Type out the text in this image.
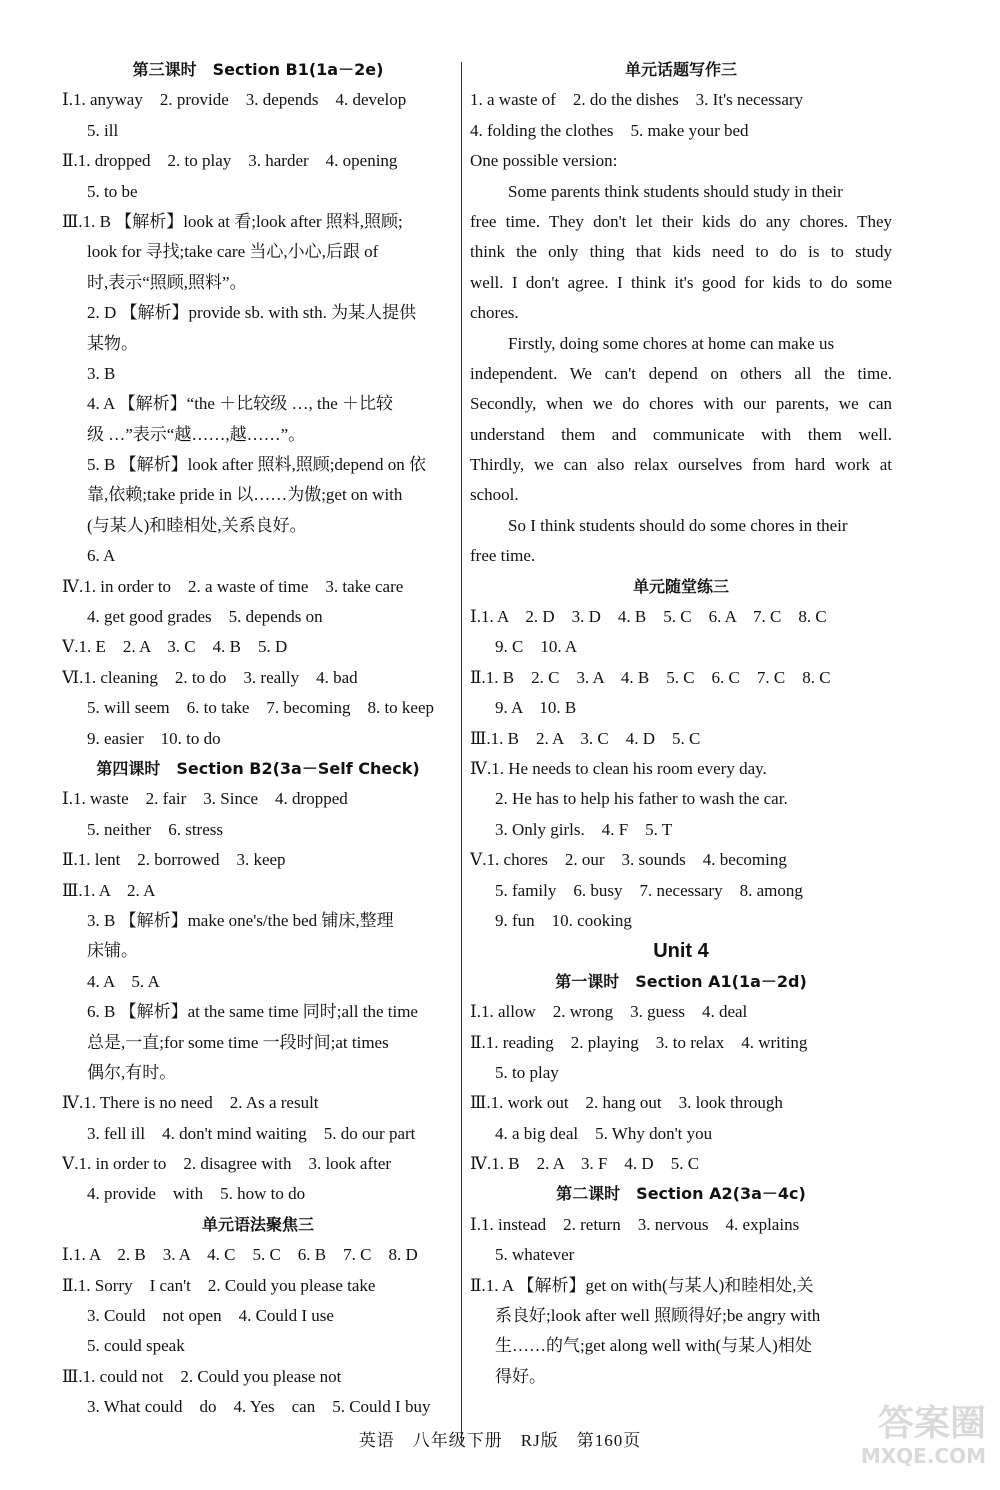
第三课时　Section B1(1a－2e)
Ⅰ.1. anyway　2. provide　3. depends　4. develop
5. ill
Ⅱ.1. dropped　2. to play　3. harder　4. opening
5. to be
Ⅲ.1. B 【解析】look at 看;look after 照料,照顾;
look for 寻找;take care 当心,小心,后跟 of
时,表示“照顾,照料”。
2. D 【解析】provide sb. with sth. 为某人提供
某物。
3. B
4. A 【解析】“the ＋比较级 …, the ＋比较
级 …”表示“越……,越……”。
5. B 【解析】look after 照料,照顾;depend on 依
靠,依赖;take pride in 以……为傲;get on with
(与某人)和睦相处,关系良好。
6. A
Ⅳ.1. in order to　2. a waste of time　3. take care
4. get good grades　5. depends on
Ⅴ.1. E　2. A　3. C　4. B　5. D
Ⅵ.1. cleaning　2. to do　3. really　4. bad
5. will seem　6. to take　7. becoming　8. to keep
9. easier　10. to do
第四课时　Section B2(3a－Self Check)
Ⅰ.1. waste　2. fair　3. Since　4. dropped
5. neither　6. stress
Ⅱ.1. lent　2. borrowed　3. keep
Ⅲ.1. A　2. A
3. B 【解析】make one's/the bed 铺床,整理
床铺。
4. A　5. A
6. B 【解析】at the same time 同时;all the time
总是,一直;for some time 一段时间;at times
偶尔,有时。
Ⅳ.1. There is no need　2. As a result
3. fell ill　4. don't mind waiting　5. do our part
Ⅴ.1. in order to　2. disagree with　3. look after
4. provide　with　5. how to do
单元语法聚焦三
Ⅰ.1. A　2. B　3. A　4. C　5. C　6. B　7. C　8. D
Ⅱ.1. Sorry　I can't　2. Could you please take
3. Could　not open　4. Could I use
5. could speak
Ⅲ.1. could not　2. Could you please not
3. What could　do　4. Yes　can　5. Could I buy
单元话题写作三
1. a waste of　2. do the dishes　3. It's necessary
4. folding the clothes　5. make your bed
One possible version:
Some parents think students should study in their
free time. They don't let their kids do any chores. They
think the only thing that kids need to do is to study
well. I don't agree. I think it's good for kids to do some
chores.
Firstly, doing some chores at home can make us
independent. We can't depend on others all the time.
Secondly, when we do chores with our parents, we can
understand them and communicate with them well.
Thirdly, we can also relax ourselves from hard work at
school.
So I think students should do some chores in their
free time.
单元随堂练三
Ⅰ.1. A　2. D　3. D　4. B　5. C　6. A　7. C　8. C
9. C　10. A
Ⅱ.1. B　2. C　3. A　4. B　5. C　6. C　7. C　8. C
9. A　10. B
Ⅲ.1. B　2. A　3. C　4. D　5. C
Ⅳ.1. He needs to clean his room every day.
2. He has to help his father to wash the car.
3. Only girls.　4. F　5. T
Ⅴ.1. chores　2. our　3. sounds　4. becoming
5. family　6. busy　7. necessary　8. among
9. fun　10. cooking
Unit 4
第一课时　Section A1(1a－2d)
Ⅰ.1. allow　2. wrong　3. guess　4. deal
Ⅱ.1. reading　2. playing　3. to relax　4. writing
5. to play
Ⅲ.1. work out　2. hang out　3. look through
4. a big deal　5. Why don't you
Ⅳ.1. B　2. A　3. F　4. D　5. C
第二课时　Section A2(3a－4c)
Ⅰ.1. instead　2. return　3. nervous　4. explains
5. whatever
Ⅱ.1. A 【解析】get on with(与某人)和睦相处,关
系良好;look after well 照顾得好;be angry with
生……的气;get along well with(与某人)相处
得好。
英语　八年级下册　RJ版　第160页	答案圈
MXQE.COM
